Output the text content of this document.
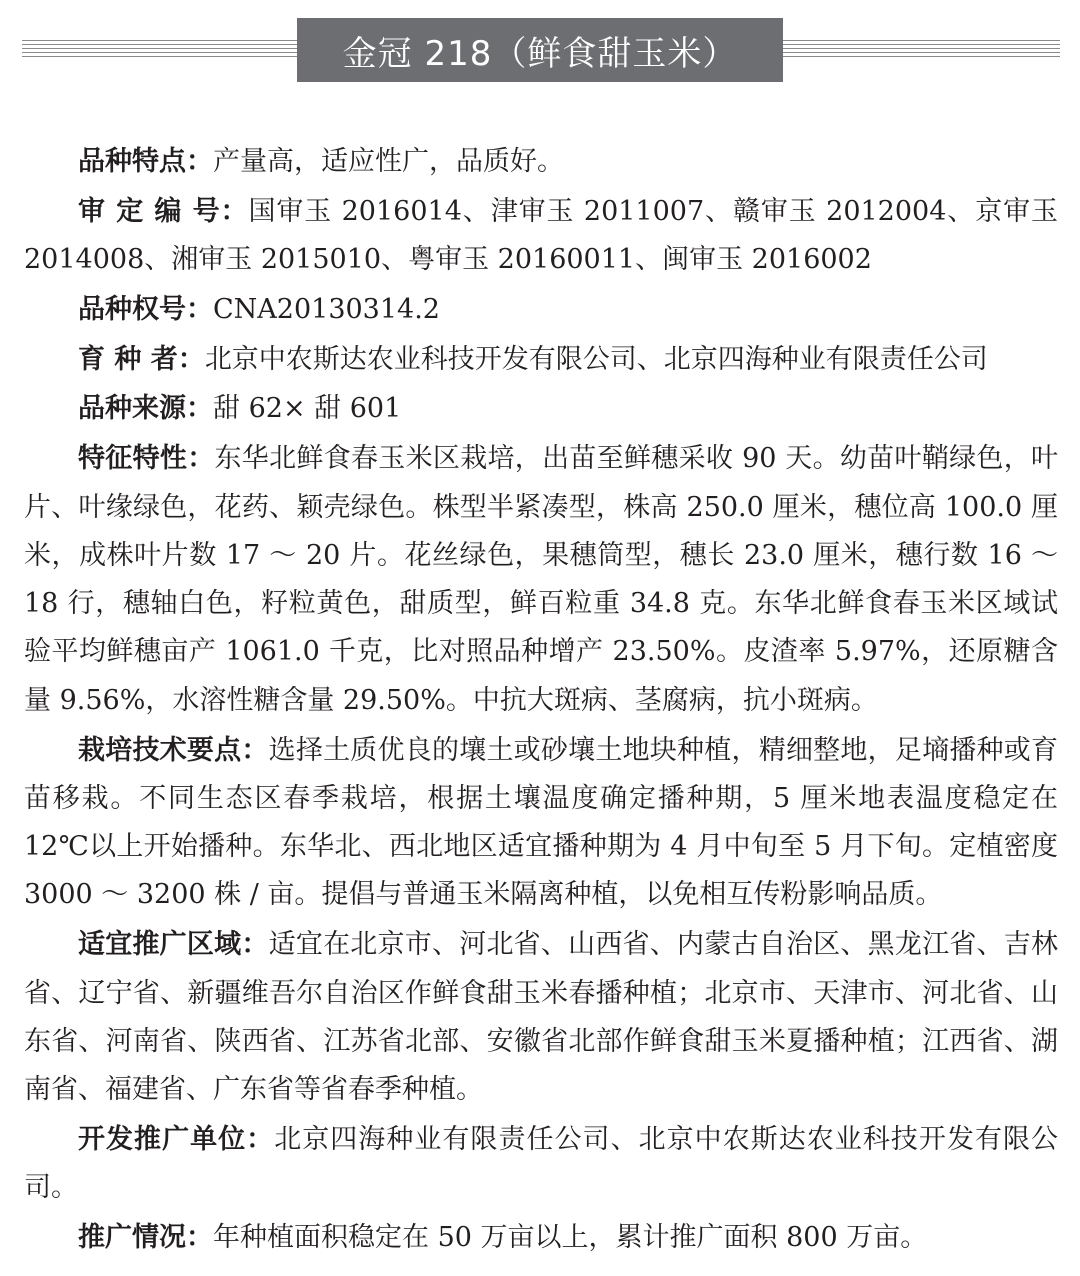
金冠 218（鲜食甜玉米）

品种特点：产量高，适应性广，品质好。

审 定 编 号：国审玉 2016014、津审玉 2011007、赣审玉 2012004、京审玉 2014008、湘审玉 2015010、粤审玉 20160011、闽审玉 2016002

品种权号：CNA20130314.2

育 种 者：北京中农斯达农业科技开发有限公司、北京四海种业有限责任公司

品种来源：甜 62× 甜 601

特征特性：东华北鲜食春玉米区栽培，出苗至鲜穗采收 90 天。幼苗叶鞘绿色，叶片、叶缘绿色，花药、颖壳绿色。株型半紧凑型，株高 250.0 厘米，穗位高 100.0 厘米，成株叶片数 17 ～ 20 片。花丝绿色，果穗筒型，穗长 23.0 厘米，穗行数 16 ～ 18 行，穗轴白色，籽粒黄色，甜质型，鲜百粒重 34.8 克。东华北鲜食春玉米区域试验平均鲜穗亩产 1061.0 千克，比对照品种增产 23.50%。皮渣率 5.97%，还原糖含量 9.56%，水溶性糖含量 29.50%。中抗大斑病、茎腐病，抗小斑病。

栽培技术要点：选择土质优良的壤土或砂壤土地块种植，精细整地，足墒播种或育苗移栽。不同生态区春季栽培，根据土壤温度确定播种期，5 厘米地表温度稳定在 12℃以上开始播种。东华北、西北地区适宜播种期为 4 月中旬至 5 月下旬。定植密度 3000 ～ 3200 株 / 亩。提倡与普通玉米隔离种植，以免相互传粉影响品质。

适宜推广区域：适宜在北京市、河北省、山西省、内蒙古自治区、黑龙江省、吉林省、辽宁省、新疆维吾尔自治区作鲜食甜玉米春播种植；北京市、天津市、河北省、山东省、河南省、陕西省、江苏省北部、安徽省北部作鲜食甜玉米夏播种植；江西省、湖南省、福建省、广东省等省春季种植。

开发推广单位：北京四海种业有限责任公司、北京中农斯达农业科技开发有限公司。

推广情况：年种植面积稳定在 50 万亩以上，累计推广面积 800 万亩。
